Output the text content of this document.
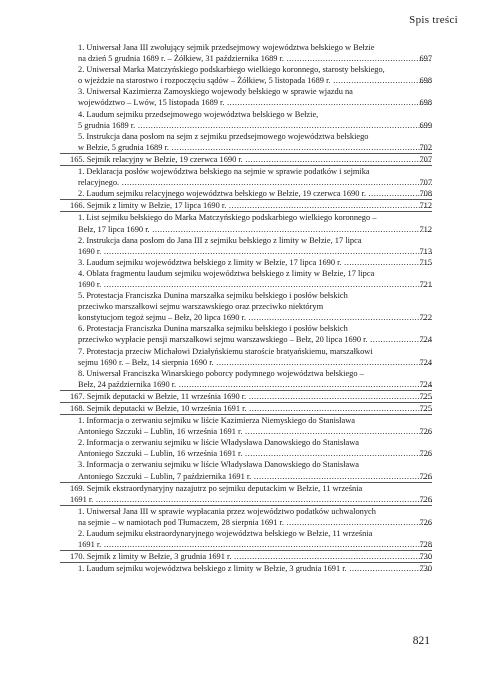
Spis treści
1. Uniwersał Jana III zwołujący sejmik przedsejmowy województwa bełskiego w Bełzie
na dzień 5 grudnia 1689 r. – Żółkiew, 31 października 1689 r. .....	697
2. Uniwersał Marka Matczyńskiego podskarbiego wielkiego koronnego, starosty bełskiego,
o wjeździe na starostwo i rozpoczęciu sądów – Żółkiew, 5 listopada 1689 r. .....	698
3. Uniwersał Kazimierza Zamoyskiego wojewody bełskiego w sprawie wjazdu na
województwo – Lwów, 15 listopada 1689 r. .....	698
4. Laudum sejmiku przedsejmowego województwa bełskiego w Bełzie,
5 grudnia 1689 r. .....	699
5. Instrukcja dana posłom na sejm z sejmiku przedsejmowego województwa bełskiego
w Bełzie, 5 grudnia 1689 r. .....	702
165. Sejmik relacyjny w Bełzie, 19 czerwca 1690 r. .....	707
1. Deklaracja posłów województwa bełskiego na sejmie w sprawie podatków i sejmika
relacyjnego. .....	707
2. Laudum sejmiku relacyjnego województwa bełskiego w Bełzie, 19 czerwca 1690 r. .....	708
166. Sejmik z limity w Bełzie, 17 lipca 1690 r. .....	712
1. List sejmiku bełskiego do Marka Matczyńskiego podskarbiego wielkiego koronnego –
Bełz, 17 lipca 1690 r. .....	712
2. Instrukcja dana posłom do Jana III z sejmiku bełskiego z limity w Bełzie, 17 lipca
1690 r. .....	713
3. Laudum sejmiku województwa bełskiego z limity w Bełzie, 17 lipca 1690 r. .....	715
4. Oblata fragmentu laudum sejmiku województwa bełskiego z limity w Bełzie, 17 lipca
1690 r. .....	721
5. Protestacja Franciszka Dunina marszałka sejmiku bełskiego i posłów bełskich
przeciwko marszałkowi sejmu warszawskiego oraz przeciwko niektórym
konstytucjom tegoż sejmu – Bełz, 20 lipca 1690 r. .....	722
6. Protestacja Franciszka Dunina marszałka sejmiku bełskiego i posłów bełskich
przeciwko wypłacie pensji marszałkowi sejmu warszawskiego – Bełz, 20 lipca 1690 r. .....	724
7. Protestacja przeciw Michałowi Działyńskiemu staroście bratyańskiemu, marszałkowi
sejmu 1690 r. – Bełz, 14 sierpnia 1690 r. .....	724
8. Uniwersał Franciszka Winarskiego poborcy podymnego województwa bełskiego –
Bełz, 24 października 1690 r. .....	724
167. Sejmik deputacki w Bełzie, 11 września 1690 r. .....	725
168. Sejmik deputacki w Bełzie, 10 września 1691 r. .....	725
1. Informacja o zerwaniu sejmiku w liście Kazimierza Niemyskiego do Stanisława
Antoniego Szczuki – Lublin, 16 września 1691 r. .....	726
2. Informacja o zerwaniu sejmiku w liście Władysława Danowskiego do Stanisława
Antoniego Szczuki – Lublin, 16 września 1691 r. .....	726
3. Informacja o zerwaniu sejmiku w liście Władysława Danowskiego do Stanisława
Antoniego Szczuki – Lublin, 7 października 1691 r. .....	726
169. Sejmik ekstraordynaryjny nazajutrz po sejmiku deputackim w Bełzie, 11 września
1691 r. .....	726
1. Uniwersał Jana III w sprawie wypłacania przez województwo podatków uchwalonych
na sejmie – w namiotach pod Tłumaczem, 28 sierpnia 1691 r. .....	726
2. Laudum sejmiku ekstraordynaryjnego województwa bełskiego w Bełzie, 11 września
1691 r. .....	728
170. Sejmik z limity w Bełzie, 3 grudnia 1691 r. .....	730
1. Laudum sejmiku województwa bełskiego z limity w Bełzie, 3 grudnia 1691 r. .....	730
821
